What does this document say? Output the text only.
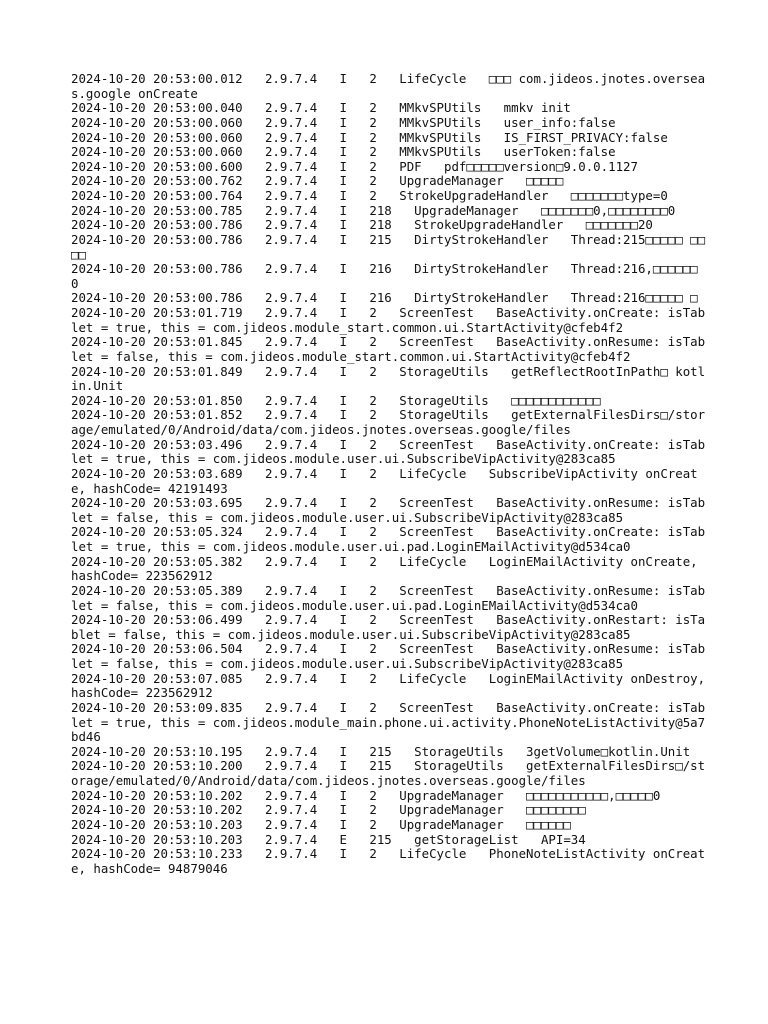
2024-10-20 20:53:00.012   2.9.7.4   I   2   LifeCycle   □□□ com.jideos.jnotes.overseas.google onCreate
2024-10-20 20:53:00.040   2.9.7.4   I   2   MMkvSPUtils   mmkv init
2024-10-20 20:53:00.060   2.9.7.4   I   2   MMkvSPUtils   user_info:false
2024-10-20 20:53:00.060   2.9.7.4   I   2   MMkvSPUtils   IS_FIRST_PRIVACY:false
2024-10-20 20:53:00.060   2.9.7.4   I   2   MMkvSPUtils   userToken:false
2024-10-20 20:53:00.600   2.9.7.4   I   2   PDF   pdf□□□□□version□9.0.0.1127
2024-10-20 20:53:00.762   2.9.7.4   I   2   UpgradeManager   □□□□□
2024-10-20 20:53:00.764   2.9.7.4   I   2   StrokeUpgradeHandler   □□□□□□□type=0
2024-10-20 20:53:00.785   2.9.7.4   I   218   UpgradeManager   □□□□□□□0,□□□□□□□□0
2024-10-20 20:53:00.786   2.9.7.4   I   218   StrokeUpgradeHandler   □□□□□□□20
2024-10-20 20:53:00.786   2.9.7.4   I   215   DirtyStrokeHandler   Thread:215□□□□□ □□□□
2024-10-20 20:53:00.786   2.9.7.4   I   216   DirtyStrokeHandler   Thread:216,□□□□□□ 0
2024-10-20 20:53:00.786   2.9.7.4   I   216   DirtyStrokeHandler   Thread:216□□□□□ □
2024-10-20 20:53:01.719   2.9.7.4   I   2   ScreenTest   BaseActivity.onCreate: isTablet = true, this = com.jideos.module_start.common.ui.StartActivity@cfeb4f2
2024-10-20 20:53:01.845   2.9.7.4   I   2   ScreenTest   BaseActivity.onResume: isTablet = false, this = com.jideos.module_start.common.ui.StartActivity@cfeb4f2
2024-10-20 20:53:01.849   2.9.7.4   I   2   StorageUtils   getReflectRootInPath□ kotlin.Unit
2024-10-20 20:53:01.850   2.9.7.4   I   2   StorageUtils   □□□□□□□□□□□□
2024-10-20 20:53:01.852   2.9.7.4   I   2   StorageUtils   getExternalFilesDirs□/storage/emulated/0/Android/data/com.jideos.jnotes.overseas.google/files
2024-10-20 20:53:03.496   2.9.7.4   I   2   ScreenTest   BaseActivity.onCreate: isTablet = true, this = com.jideos.module.user.ui.SubscribeVipActivity@283ca85
2024-10-20 20:53:03.689   2.9.7.4   I   2   LifeCycle   SubscribeVipActivity onCreate, hashCode= 42191493
2024-10-20 20:53:03.695   2.9.7.4   I   2   ScreenTest   BaseActivity.onResume: isTablet = false, this = com.jideos.module.user.ui.SubscribeVipActivity@283ca85
2024-10-20 20:53:05.324   2.9.7.4   I   2   ScreenTest   BaseActivity.onCreate: isTablet = true, this = com.jideos.module.user.ui.pad.LoginEMailActivity@d534ca0
2024-10-20 20:53:05.382   2.9.7.4   I   2   LifeCycle   LoginEMailActivity onCreate, hashCode= 223562912
2024-10-20 20:53:05.389   2.9.7.4   I   2   ScreenTest   BaseActivity.onResume: isTablet = false, this = com.jideos.module.user.ui.pad.LoginEMailActivity@d534ca0
2024-10-20 20:53:06.499   2.9.7.4   I   2   ScreenTest   BaseActivity.onRestart: isTablet = false, this = com.jideos.module.user.ui.SubscribeVipActivity@283ca85
2024-10-20 20:53:06.504   2.9.7.4   I   2   ScreenTest   BaseActivity.onResume: isTablet = false, this = com.jideos.module.user.ui.SubscribeVipActivity@283ca85
2024-10-20 20:53:07.085   2.9.7.4   I   2   LifeCycle   LoginEMailActivity onDestroy, hashCode= 223562912
2024-10-20 20:53:09.835   2.9.7.4   I   2   ScreenTest   BaseActivity.onCreate: isTablet = true, this = com.jideos.module_main.phone.ui.activity.PhoneNoteListActivity@5a7bd46
2024-10-20 20:53:10.195   2.9.7.4   I   215   StorageUtils   3getVolume□kotlin.Unit
2024-10-20 20:53:10.200   2.9.7.4   I   215   StorageUtils   getExternalFilesDirs□/storage/emulated/0/Android/data/com.jideos.jnotes.overseas.google/files
2024-10-20 20:53:10.202   2.9.7.4   I   2   UpgradeManager   □□□□□□□□□□□,□□□□□0
2024-10-20 20:53:10.202   2.9.7.4   I   2   UpgradeManager   □□□□□□□□
2024-10-20 20:53:10.203   2.9.7.4   I   2   UpgradeManager   □□□□□□
2024-10-20 20:53:10.203   2.9.7.4   E   215   getStorageList   API=34
2024-10-20 20:53:10.233   2.9.7.4   I   2   LifeCycle   PhoneNoteListActivity onCreate, hashCode= 94879046
